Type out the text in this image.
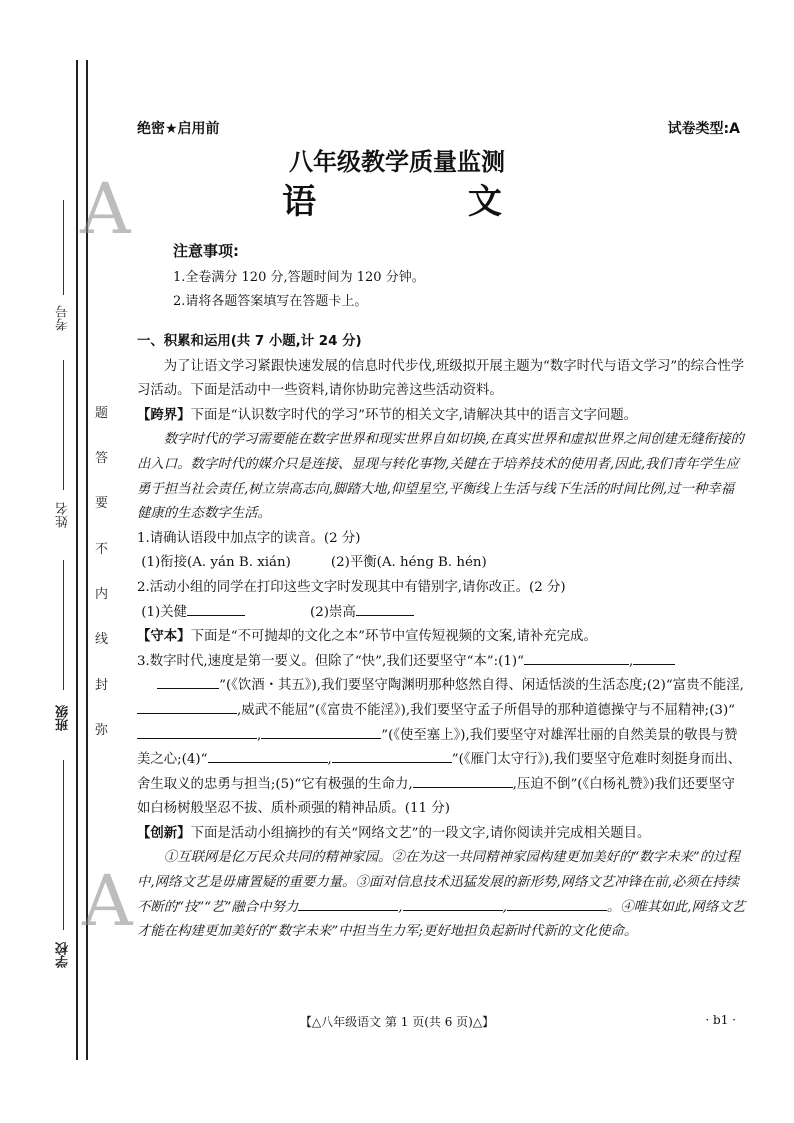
A
A
考号
姓名
班级
学校
题
答
要
不
内
线
封
弥
绝密★启用前	试卷类型:A
八年级教学质量监测
语 文
注意事项:
1.全卷满分 120 分,答题时间为 120 分钟。
2.请将各题答案填写在答题卡上。

一、积累和运用(共 7 小题,计 24 分)

为了让语文学习紧跟快速发展的信息时代步伐,班级拟开展主题为“数字时代与语文学习”的综合性学习活动。下面是活动中一些资料,请你协助完善这些活动资料。

【跨界】下面是“认识数字时代的学习”环节的相关文字,请解决其中的语言文字问题。

数字时代的学习需要能在数字世界和现实世界自如切换,在真实世界和虚拟世界之间创建无缝衔接的出入口。数字时代的媒介只是连接、显现与转化事物,关健在于培养技术的使用者,因此,我们青年学生应勇于担当社会责任,树立崇高志向,脚踏大地,仰望星空,平衡线上生活与线下生活的时间比例,过一种幸福健康的生态数字生活。

1.请确认语段中加点字的读音。(2 分)

(1)衔接(A. yán B. xián)	(2)平衡(A. héng B. hén)

2.活动小组的同学在打印这些文字时发现其中有错别字,请你改正。(2 分)

(1)关健	(2)崇高

【守本】下面是“不可抛却的文化之本”环节中宣传短视频的文案,请补充完成。

3.数字时代,速度是第一要义。但除了“快”,我们还要坚守“本”:(1)“	,
”(《饮酒・其五》),我们要坚守陶渊明那种悠然自得、闲适恬淡的生活态度;(2)“富贵不能淫,,威武不能屈”(《富贵不能淫》),我们要坚守孟子所倡导的那种道德操守与不屈精神;(3)“,	”(《使至塞上》),我们要坚守对雄浑壮丽的自然美景的敬畏与赞美之心;(4)“	,	”(《雁门太守行》),我们要坚守危难时刻挺身而出、舍生取义的忠勇与担当;(5)“它有极强的生命力,	,压迫不倒”(《白杨礼赞》)我们还要坚守如白杨树般坚忍不拔、质朴顽强的精神品质。(11 分)

【创新】下面是活动小组摘抄的有关“网络文艺”的一段文字,请你阅读并完成相关题目。

①互联网是亿万民众共同的精神家园。②在为这一共同精神家园构建更加美好的“数字未来”的过程中,网络文艺是毋庸置疑的重要力量。③面对信息技术迅猛发展的新形势,网络文艺冲锋在前,必须在持续不断的“技”“艺”融合中努力	,	,	。④唯其如此,网络文艺才能在构建更加美好的“数字未来”中担当生力军;更好地担负起新时代新的文化使命。

【△八年级语文 第 1 页(共 6 页)△】	· b1 ·
